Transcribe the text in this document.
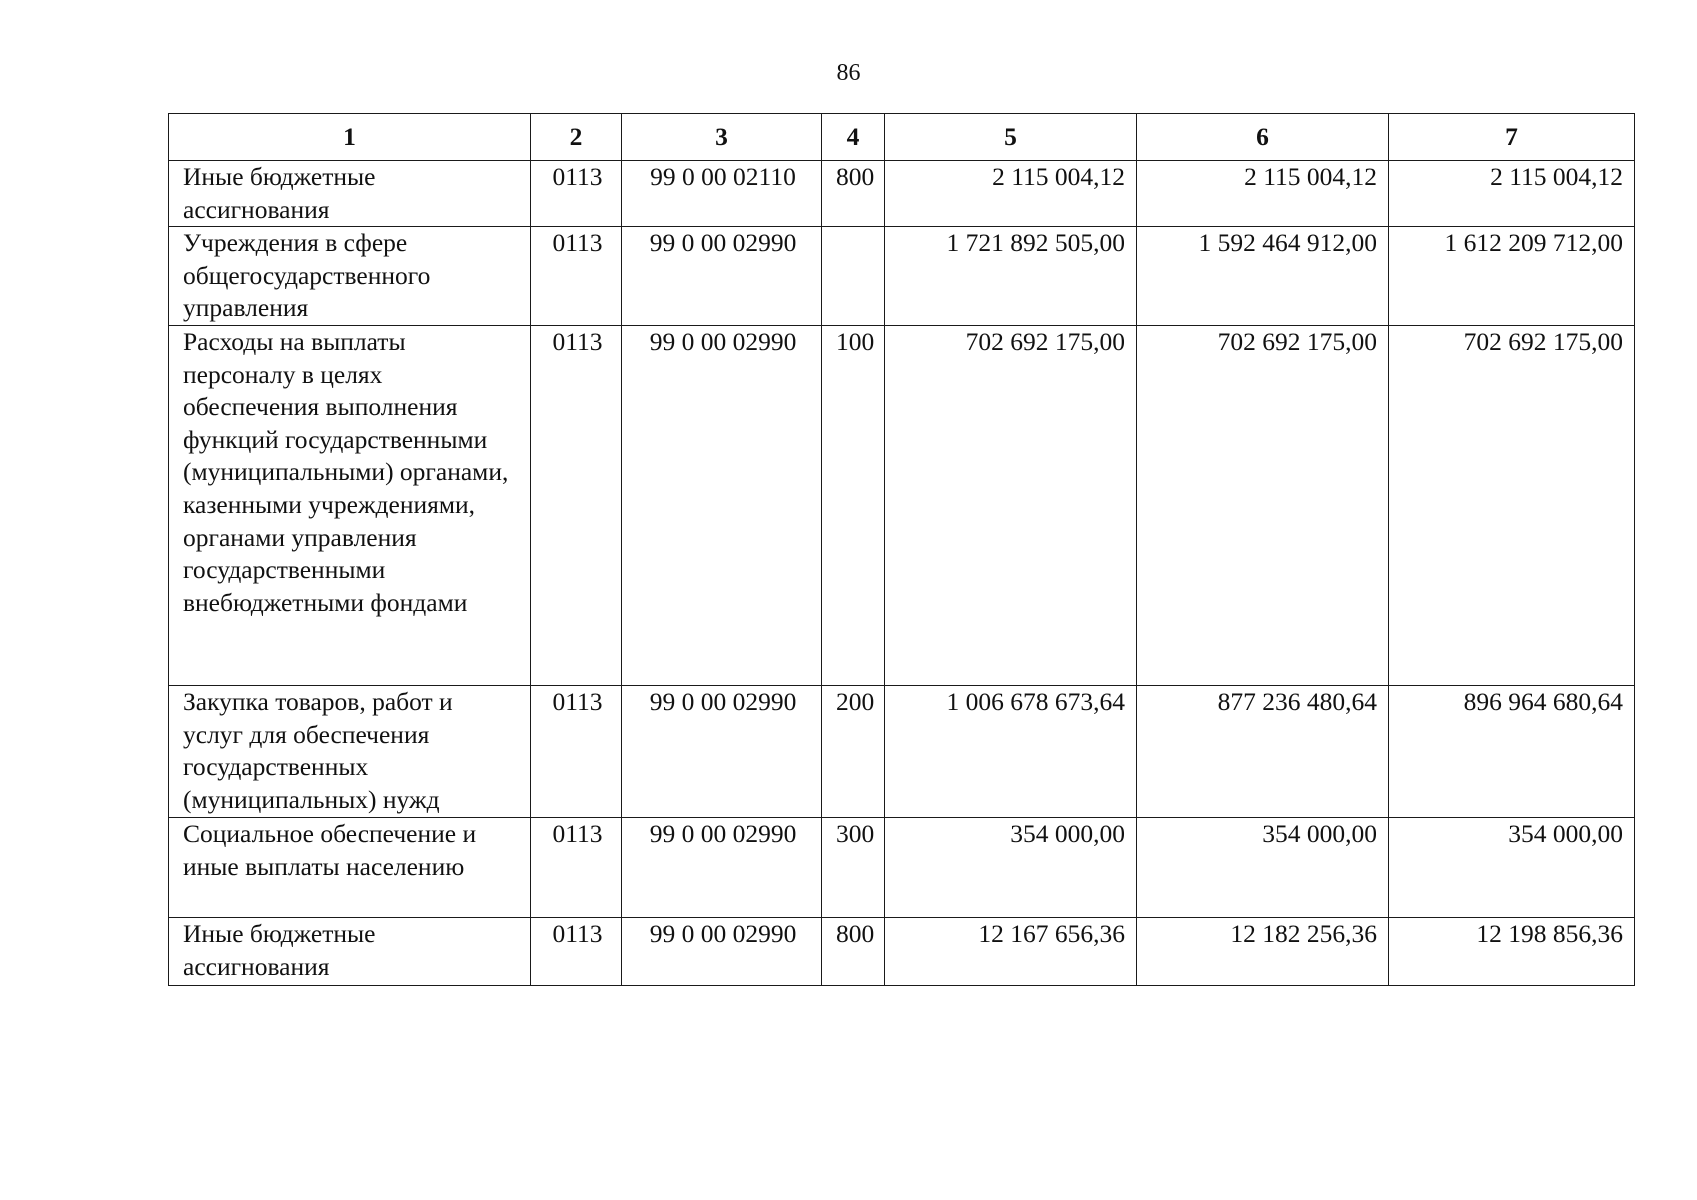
86
1	2	3	4	5	6	7
Иные бюджетные ассигнования	0113	99 0 00 02110	800	2 115 004,12	2 115 004,12	2 115 004,12
Учреждения в сфере общегосударственного управления	0113	99 0 00 02990		1 721 892 505,00	1 592 464 912,00	1 612 209 712,00
Расходы на выплаты персоналу в целях обеспечения выполнения функций государственными (муниципальными) органами, казенными учреждениями, органами управления государственными внебюджетными фондами	0113	99 0 00 02990	100	702 692 175,00	702 692 175,00	702 692 175,00
Закупка товаров, работ и услуг для обеспечения государственных (муниципальных) нужд	0113	99 0 00 02990	200	1 006 678 673,64	877 236 480,64	896 964 680,64
Социальное обеспечение и иные выплаты населению	0113	99 0 00 02990	300	354 000,00	354 000,00	354 000,00
Иные бюджетные ассигнования	0113	99 0 00 02990	800	12 167 656,36	12 182 256,36	12 198 856,36
